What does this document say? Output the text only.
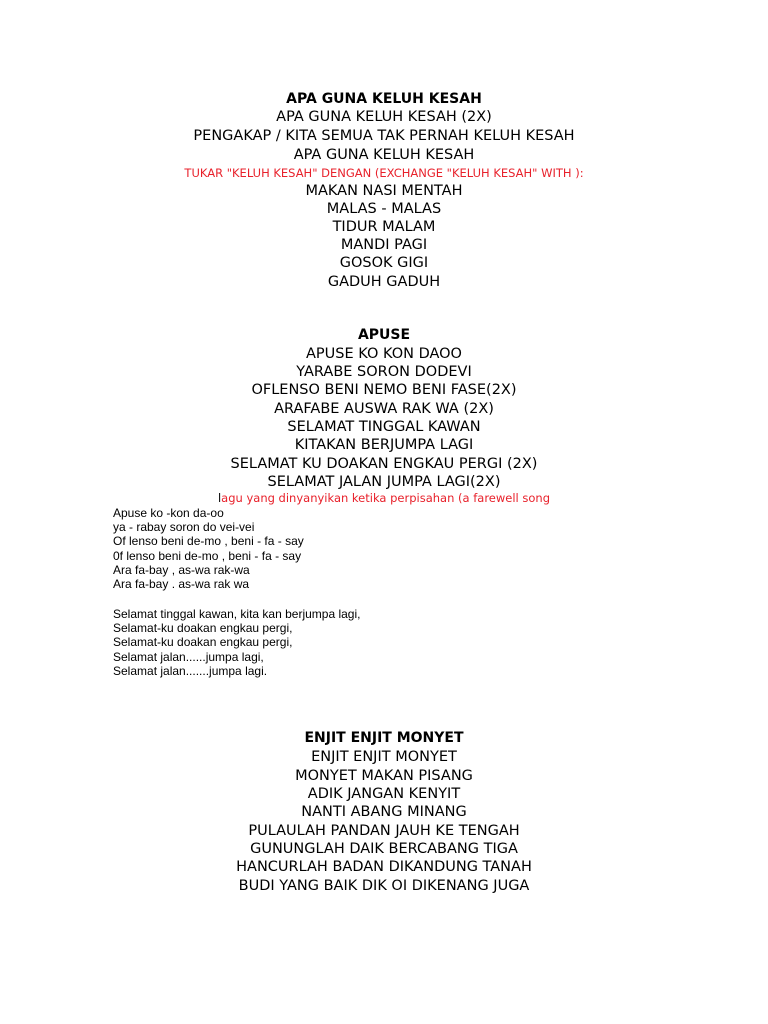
APA GUNA KELUH KESAH
APA GUNA KELUH KESAH (2X)
PENGAKAP / KITA SEMUA TAK PERNAH KELUH KESAH
APA GUNA KELUH KESAH
TUKAR "KELUH KESAH" DENGAN (EXCHANGE "KELUH KESAH" WITH ):
MAKAN NASI MENTAH
MALAS - MALAS
TIDUR MALAM
MANDI PAGI
GOSOK GIGI
GADUH GADUH
APUSE
APUSE KO KON DAOO
YARABE SORON DODEVI
OFLENSO BENI NEMO BENI FASE(2X)
ARAFABE AUSWA RAK WA (2X)
SELAMAT TINGGAL KAWAN
KITAKAN BERJUMPA LAGI
SELAMAT KU DOAKAN ENGKAU PERGI (2X)
SELAMAT JALAN JUMPA LAGI(2X)
lagu yang dinyanyikan ketika perpisahan (a farewell song
Apuse ko -kon da-oo
ya - rabay soron do vei-vei
Of lenso beni de-mo , beni - fa - say
0f lenso beni de-mo , beni - fa - say
Ara fa-bay , as-wa rak-wa
Ara fa-bay . as-wa rak wa
Selamat tinggal kawan, kita kan berjumpa lagi,
Selamat-ku doakan engkau pergi,
Selamat-ku doakan engkau pergi,
Selamat jalan......jumpa lagi,
Selamat jalan.......jumpa lagi.
ENJIT ENJIT MONYET
ENJIT ENJIT MONYET
MONYET MAKAN PISANG
ADIK JANGAN KENYIT
NANTI ABANG MINANG
PULAULAH PANDAN JAUH KE TENGAH
GUNUNGLAH DAIK BERCABANG TIGA
HANCURLAH BADAN DIKANDUNG TANAH
BUDI YANG BAIK DIK OI DIKENANG JUGA
